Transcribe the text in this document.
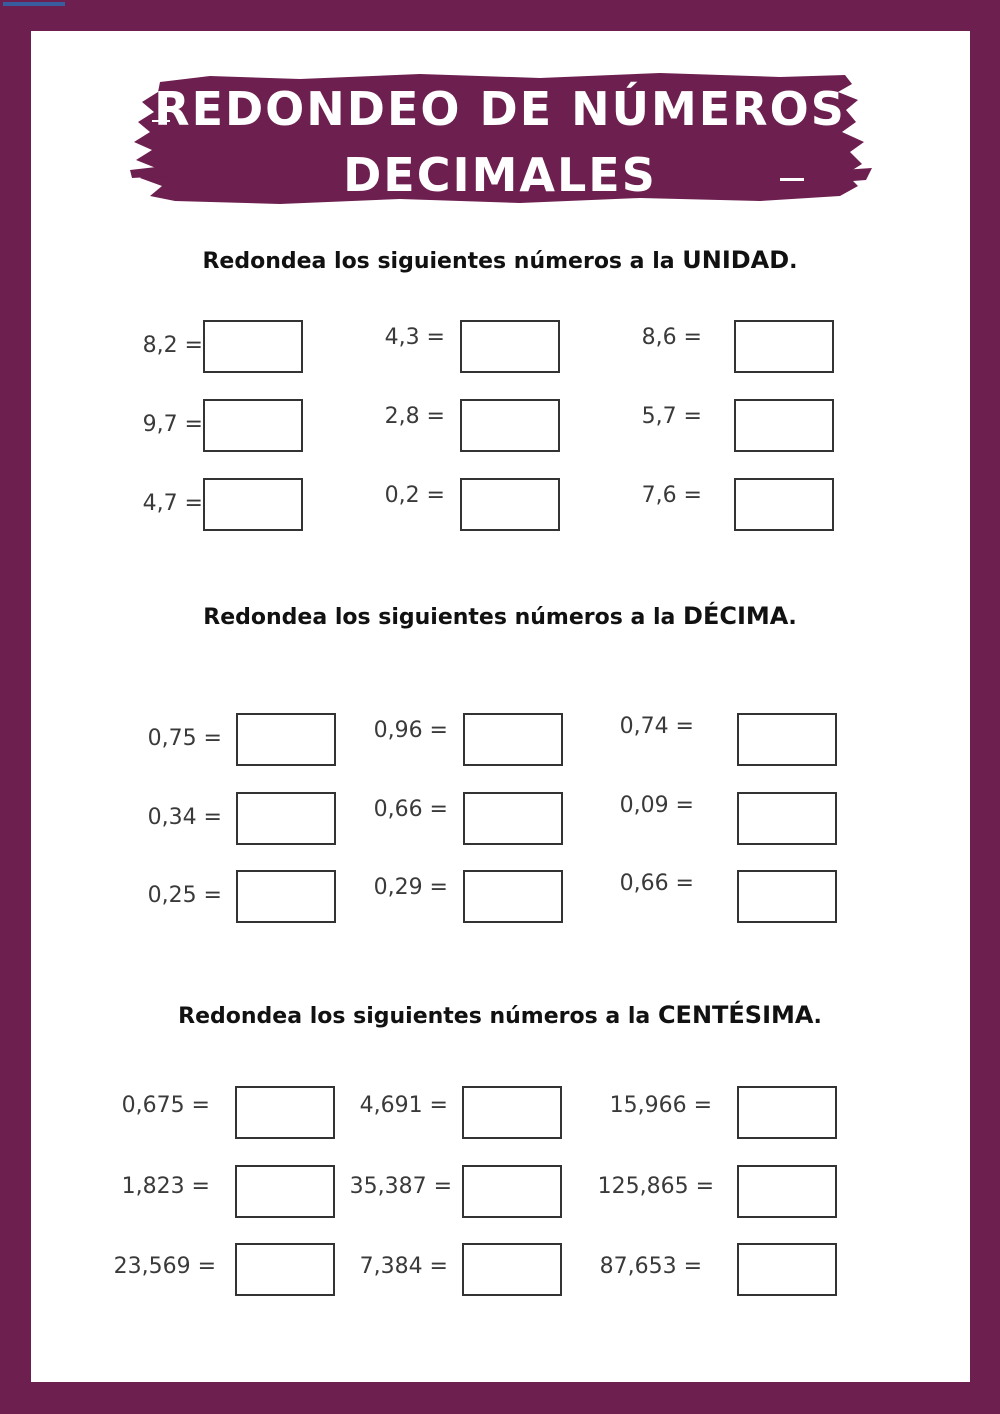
REDONDEO DE NÚMEROS
DECIMALES
Redondea los siguientes números a la UNIDAD.
8,2 =	4,3 =	8,6 =
9,7 =	2,8 =	5,7 =
4,7 =	0,2 =	7,6 =
Redondea los siguientes números a la DÉCIMA.
0,75 =	0,96 =	0,74 =
0,34 =	0,66 =	0,09 =
0,25 =	0,29 =	0,66 =
Redondea los siguientes números a la CENTÉSIMA.
0,675 =	4,691 =	15,966 =
1,823 =	35,387 =	125,865 =
23,569 =	7,384 =	87,653 =
